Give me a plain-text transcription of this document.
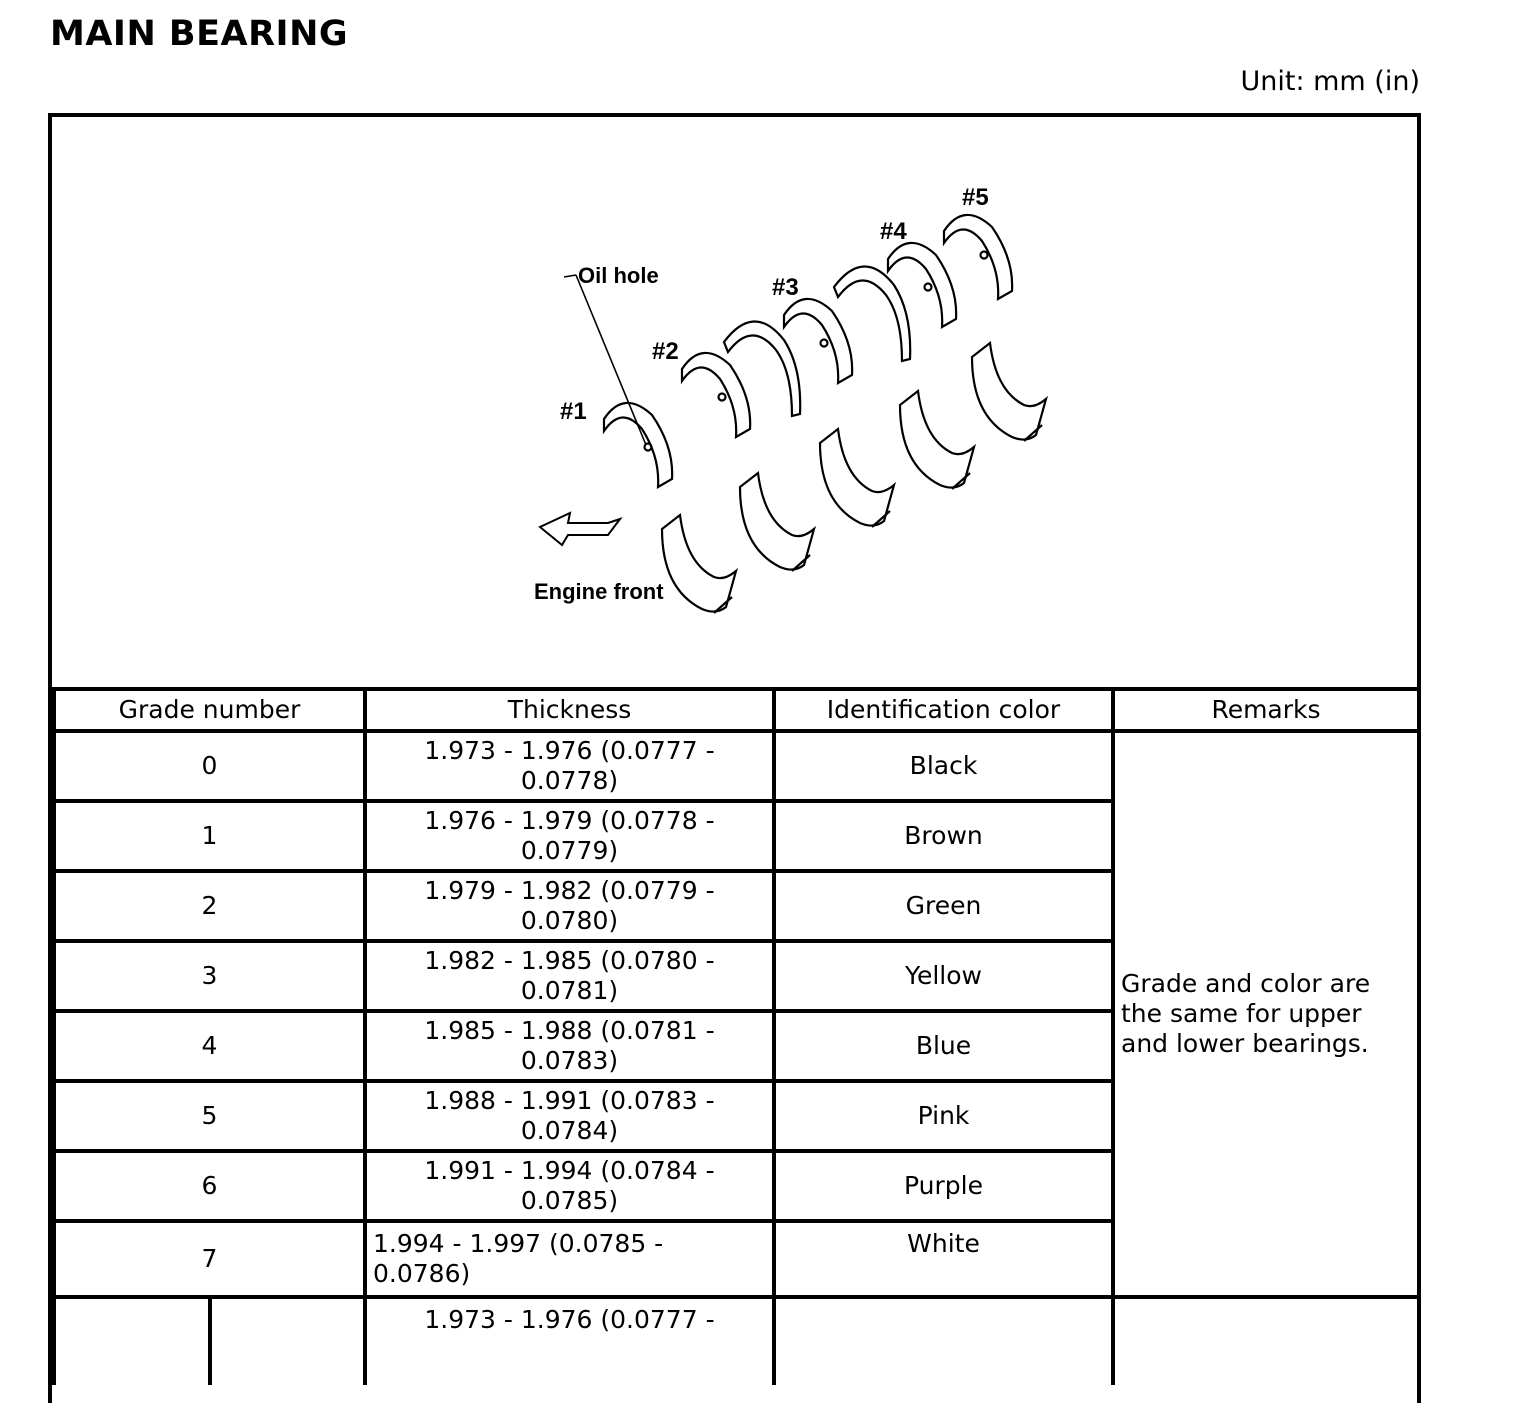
MAIN BEARING
Unit: mm (in)
Oil hole
Engine front
#1
#2
#3
#4
#5
Grade number	Thickness	Identification color	Remarks
0	1.973 - 1.976 (0.0777 - 0.0778)	Black	Grade and color are the same for upper and lower bearings.
1	1.976 - 1.979 (0.0778 - 0.0779)	Brown	
2	1.979 - 1.982 (0.0779 - 0.0780)	Green	
3	1.982 - 1.985 (0.0780 - 0.0781)	Yellow	
4	1.985 - 1.988 (0.0781 - 0.0783)	Blue	
5	1.988 - 1.991 (0.0783 - 0.0784)	Pink	
6	1.991 - 1.994 (0.0784 - 0.0785)	Purple	
7	1.994 - 1.997 (0.0785 - 0.0786)	White	

	1.973 - 1.976 (0.0777 -		
